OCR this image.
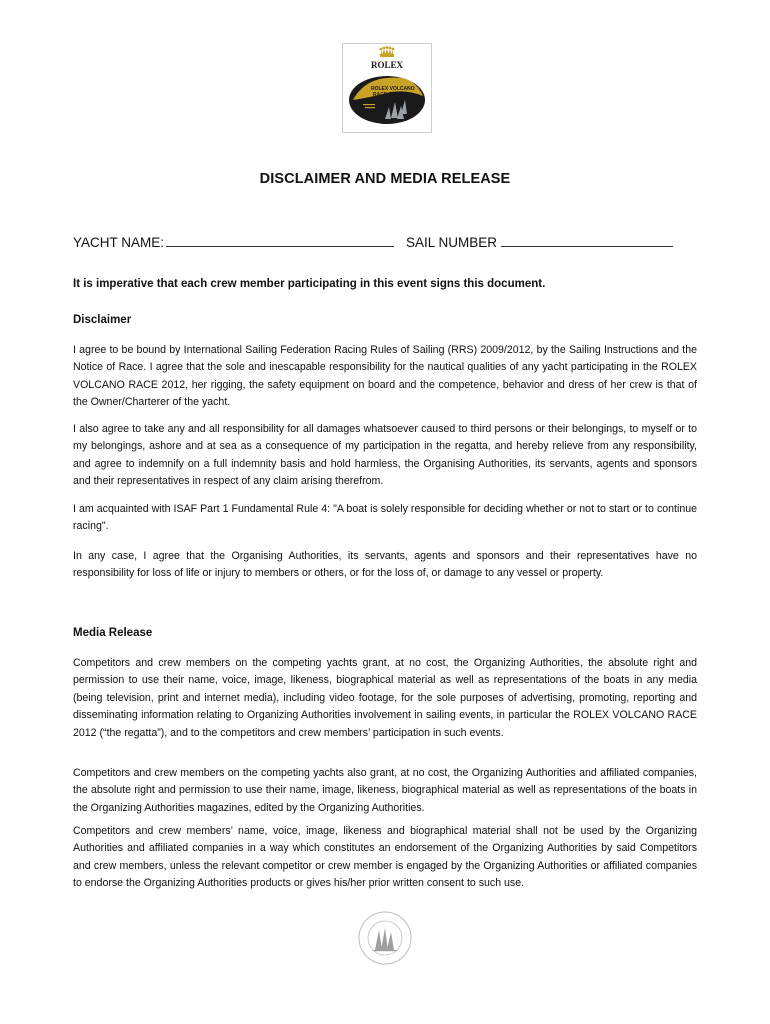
ROLEX
ROLEX VOLCANO
RACE 2012
DISCLAIMER AND MEDIA RELEASE
YACHT NAME:	SAIL NUMBER
It is imperative that each crew member participating in this event signs this document.
Disclaimer

I agree to be bound by International Sailing Federation Racing Rules of Sailing (RRS) 2009/2012, by the Sailing Instructions and the Notice of Race. I agree that the sole and inescapable responsibility for the nautical qualities of any yacht participating in the ROLEX VOLCANO RACE 2012, her rigging, the safety equipment on board and the competence, behavior and dress of her crew is that of the Owner/Charterer of the yacht.

I also agree to take any and all responsibility for all damages whatsoever caused to third persons or their belongings, to myself or to my belongings, ashore and at sea as a consequence of my participation in the regatta, and hereby relieve from any responsibility, and agree to indemnify on a full indemnity basis and hold harmless, the Organising Authorities, its servants, agents and sponsors and their representatives in respect of any claim arising therefrom.

I am acquainted with ISAF Part 1 Fundamental Rule 4: "A boat is solely responsible for deciding whether or not to start or to continue racing".

In any case, I agree that the Organising Authorities, its servants, agents and sponsors and their representatives have no responsibility for loss of life or injury to members or others, or for the loss of, or damage to any vessel or property.

Media Release

Competitors and crew members on the competing yachts grant, at no cost, the Organizing Authorities, the absolute right and permission to use their name, voice, image, likeness, biographical material as well as representations of the boats in any media (being television, print and internet media), including video footage, for the sole purposes of advertising, promoting, reporting and disseminating information relating to Organizing Authorities involvement in sailing events, in particular the ROLEX VOLCANO RACE 2012 (“the regatta”), and to the competitors and crew members’ participation in such events.

Competitors and crew members on the competing yachts also grant, at no cost, the Organizing Authorities and affiliated companies, the absolute right and permission to use their name, image, likeness, biographical material as well as representations of the boats in the Organizing Authorities magazines, edited by the Organizing Authorities.

Competitors and crew members’ name, voice, image, likeness and biographical material shall not be used by the Organizing Authorities and affiliated companies in a way which constitutes an endorsement of the Organizing Authorities by said Competitors and crew members, unless the relevant competitor or crew member is engaged by the Organizing Authorities or affiliated companies to endorse the Organizing Authorities products or gives his/her prior written consent to such use.
